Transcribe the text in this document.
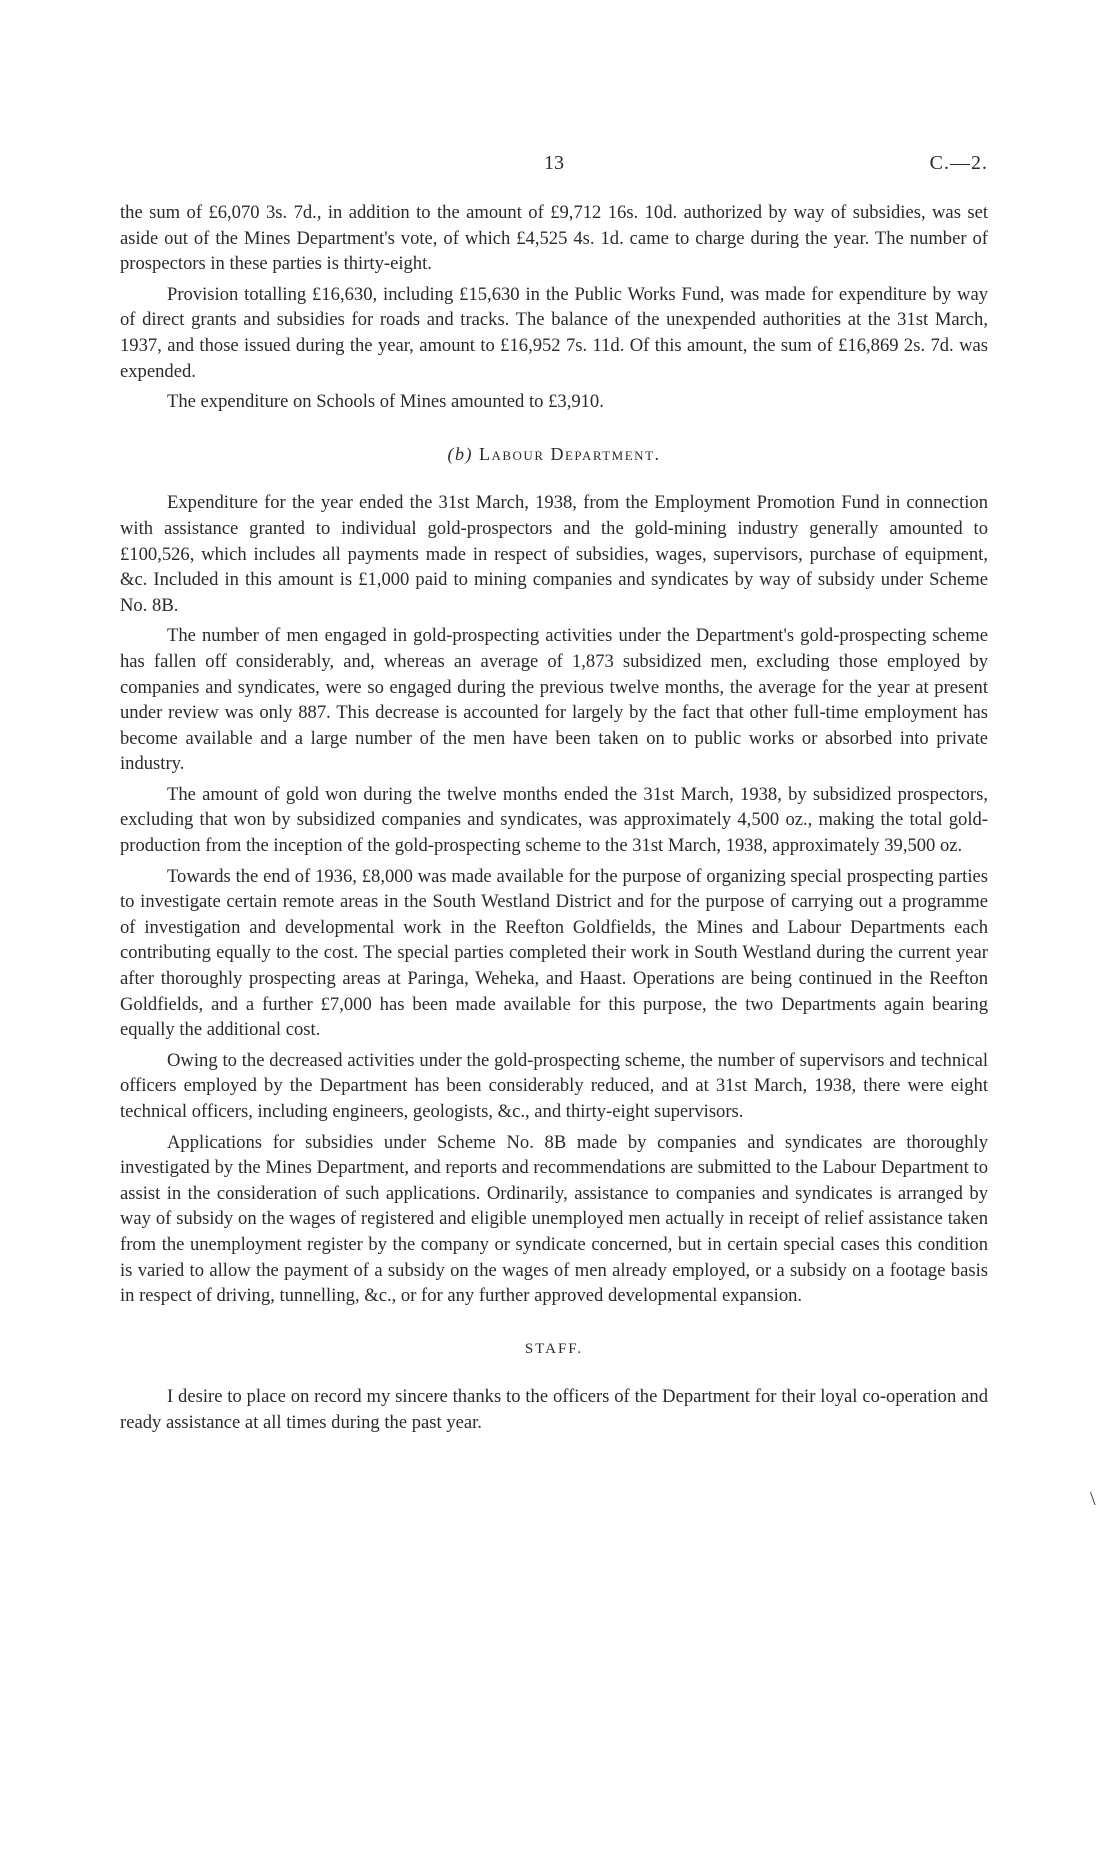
13	C.—2.

the sum of £6,070 3s. 7d., in addition to the amount of £9,712 16s. 10d. authorized by way of subsidies, was set aside out of the Mines Department's vote, of which £4,525 4s. 1d. came to charge during the year. The number of prospectors in these parties is thirty-eight.

Provision totalling £16,630, including £15,630 in the Public Works Fund, was made for expenditure by way of direct grants and subsidies for roads and tracks. The balance of the unexpended authorities at the 31st March, 1937, and those issued during the year, amount to £16,952 7s. 11d. Of this amount, the sum of £16,869 2s. 7d. was expended.

The expenditure on Schools of Mines amounted to £3,910.

(b) Labour Department.

Expenditure for the year ended the 31st March, 1938, from the Employment Promotion Fund in connection with assistance granted to individual gold-prospectors and the gold-mining industry generally amounted to £100,526, which includes all payments made in respect of subsidies, wages, supervisors, purchase of equipment, &c. Included in this amount is £1,000 paid to mining companies and syndicates by way of subsidy under Scheme No. 8B.

The number of men engaged in gold-prospecting activities under the Department's gold-prospecting scheme has fallen off considerably, and, whereas an average of 1,873 subsidized men, excluding those employed by companies and syndicates, were so engaged during the previous twelve months, the average for the year at present under review was only 887. This decrease is accounted for largely by the fact that other full-time employment has become available and a large number of the men have been taken on to public works or absorbed into private industry.

The amount of gold won during the twelve months ended the 31st March, 1938, by subsidized prospectors, excluding that won by subsidized companies and syndicates, was approximately 4,500 oz., making the total gold-production from the inception of the gold-prospecting scheme to the 31st March, 1938, approximately 39,500 oz.

Towards the end of 1936, £8,000 was made available for the purpose of organizing special prospecting parties to investigate certain remote areas in the South Westland District and for the purpose of carrying out a programme of investigation and developmental work in the Reefton Goldfields, the Mines and Labour Departments each contributing equally to the cost. The special parties completed their work in South Westland during the current year after thoroughly prospecting areas at Paringa, Weheka, and Haast. Operations are being continued in the Reefton Goldfields, and a further £7,000 has been made available for this purpose, the two Departments again bearing equally the additional cost.

Owing to the decreased activities under the gold-prospecting scheme, the number of supervisors and technical officers employed by the Department has been considerably reduced, and at 31st March, 1938, there were eight technical officers, including engineers, geologists, &c., and thirty-eight supervisors.

Applications for subsidies under Scheme No. 8B made by companies and syndicates are thoroughly investigated by the Mines Department, and reports and recommendations are submitted to the Labour Department to assist in the consideration of such applications. Ordinarily, assistance to companies and syndicates is arranged by way of subsidy on the wages of registered and eligible unemployed men actually in receipt of relief assistance taken from the unemployment register by the company or syndicate concerned, but in certain special cases this condition is varied to allow the payment of a subsidy on the wages of men already employed, or a subsidy on a footage basis in respect of driving, tunnelling, &c., or for any further approved developmental expansion.

STAFF.

I desire to place on record my sincere thanks to the officers of the Department for their loyal co-operation and ready assistance at all times during the past year.

\
